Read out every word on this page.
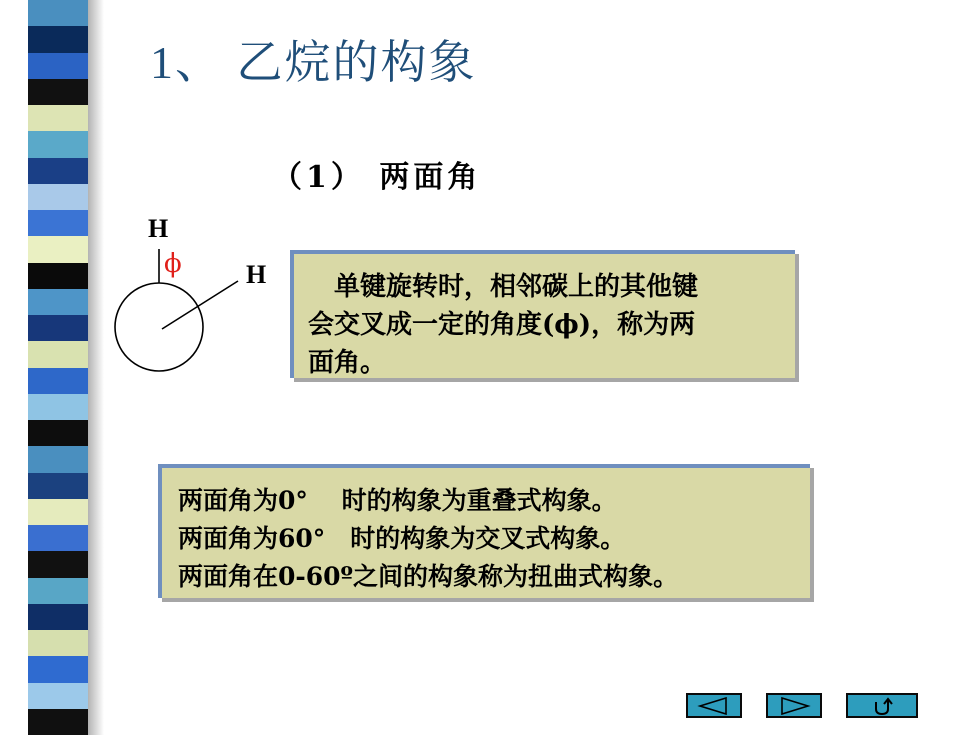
1、 乙烷的构象
（1） 两面角
H
H
ϕ
单键旋转时，相邻碳上的其他键
会交叉成一定的角度(ϕ)，称为两
面角。
两面角为0°　 时的构象为重叠式构象。
两面角为60°　时的构象为交叉式构象。
两面角在0-60º之间的构象称为扭曲式构象。
